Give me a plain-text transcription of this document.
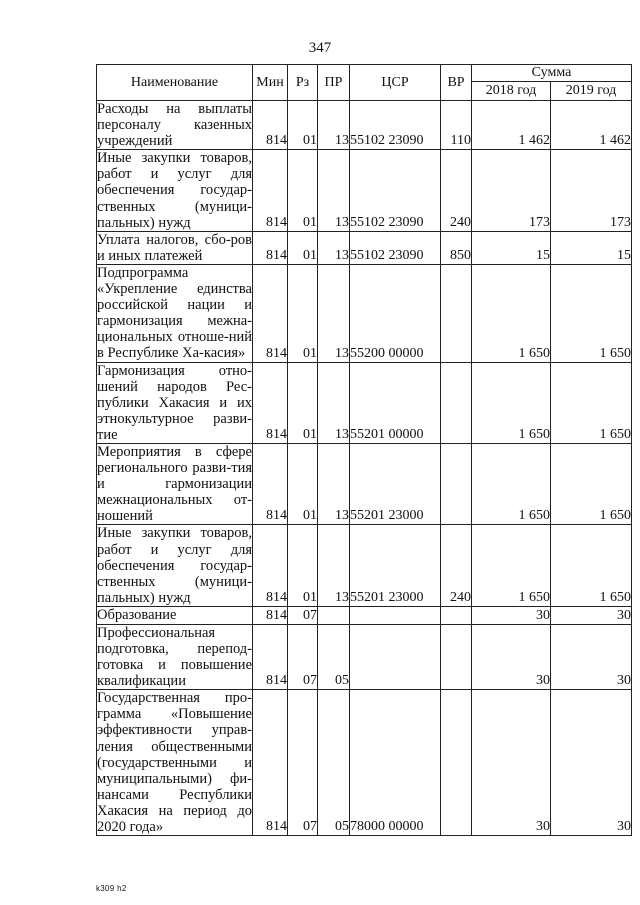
347
Наименование	Мин	Рз	ПР	ЦСР	ВР	Сумма	
						2018 год	2019 год
Расходы на выплаты персоналу казенных учреждений	814	01	13	55102 23090	110	1 462	1 462
Иные закупки товаров, работ и услуг для обеспечения государ-ственных (муници-пальных) нужд	814	01	13	55102 23090	240	173	173
Уплата налогов, сбо-ров и иных платежей	814	01	13	55102 23090	850	15	15
Подпрограмма «Укрепление единства российской нации и гармонизация межна-циональных отноше-ний в Республике Ха-касия»	814	01	13	55200 00000		1 650	1 650
Гармонизация отно-шений народов Рес-публики Хакасия и их этнокультурное разви-тие	814	01	13	55201 00000		1 650	1 650
Мероприятия в сфере регионального разви-тия и гармонизации межнациональных от-ношений	814	01	13	55201 23000		1 650	1 650
Иные закупки товаров, работ и услуг для обеспечения государ-ственных (муници-пальных) нужд	814	01	13	55201 23000	240	1 650	1 650
Образование	814	07				30	30
Профессиональная подготовка, перепод-готовка и повышение квалификации	814	07	05			30	30
Государственная про-грамма «Повышение эффективности управ-ления общественными (государственными и муниципальными) фи-нансами Республики Хакасия на период до 2020 года»	814	07	05	78000 00000		30	30
k309 h2
